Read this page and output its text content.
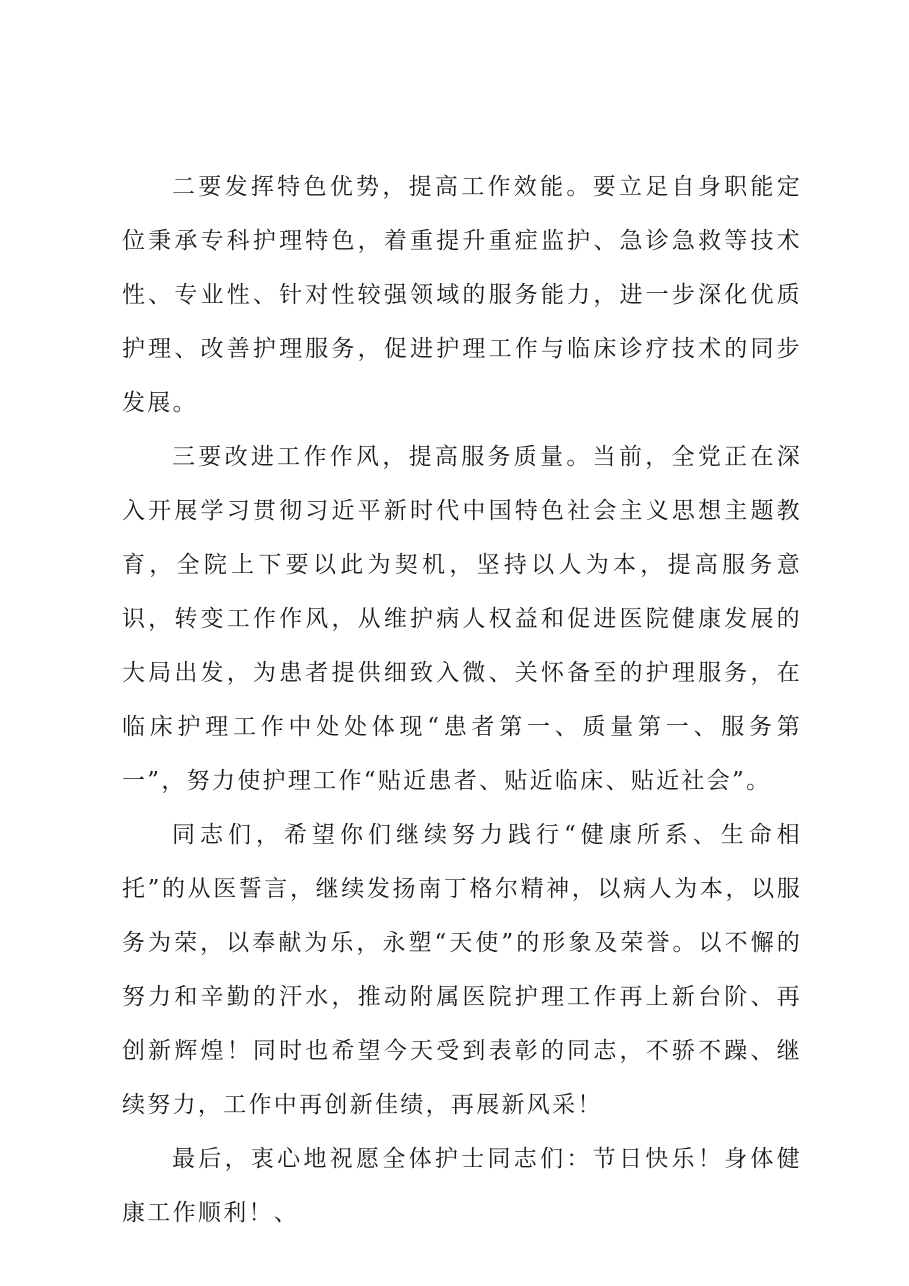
二要发挥特色优势，提高工作效能。要立足自身职能定位秉承专科护理特色，着重提升重症监护、急诊急救等技术性、专业性、针对性较强领域的服务能力，进一步深化优质护理、改善护理服务，促进护理工作与临床诊疗技术的同步发展。

三要改进工作作风，提高服务质量。当前，全党正在深入开展学习贯彻习近平新时代中国特色社会主义思想主题教育，全院上下要以此为契机，坚持以人为本，提高服务意识，转变工作作风，从维护病人权益和促进医院健康发展的大局出发，为患者提供细致入微、关怀备至的护理服务，在临床护理工作中处处体现“患者第一、质量第一、服务第一”，努力使护理工作“贴近患者、贴近临床、贴近社会”。

同志们，希望你们继续努力践行“健康所系、生命相托”的从医誓言，继续发扬南丁格尔精神，以病人为本，以服务为荣，以奉献为乐，永塑“天使”的形象及荣誉。以不懈的努力和辛勤的汗水，推动附属医院护理工作再上新台阶、再创新辉煌！同时也希望今天受到表彰的同志，不骄不躁、继续努力，工作中再创新佳绩，再展新风采！

最后，衷心地祝愿全体护士同志们：节日快乐！身体健康工作顺利！、
